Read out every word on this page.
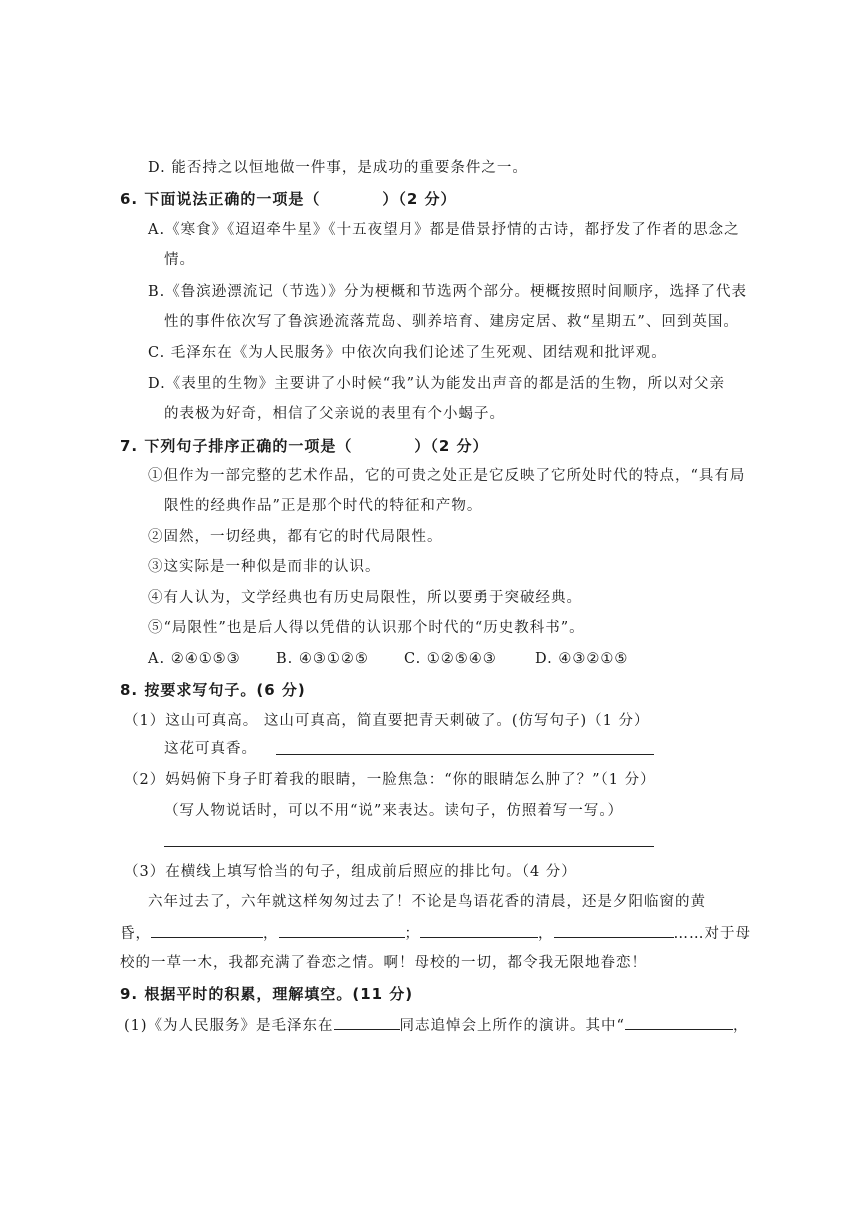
D. 能否持之以恒地做一件事，是成功的重要条件之一。
6. 下面说法正确的一项是（	）（2 分）
A.《寒食》《迢迢牵牛星》《十五夜望月》都是借景抒情的古诗，都抒发了作者的思念之
情。
B.《鲁滨逊漂流记（节选）》分为梗概和节选两个部分。梗概按照时间顺序，选择了代表
性的事件依次写了鲁滨逊流落荒岛、驯养培育、建房定居、救“星期五”、回到英国。
C. 毛泽东在《为人民服务》中依次向我们论述了生死观、团结观和批评观。
D.《表里的生物》主要讲了小时候“我”认为能发出声音的都是活的生物，所以对父亲
的表极为好奇，相信了父亲说的表里有个小蝎子。
7. 下列句子排序正确的一项是（	）（2 分）
①但作为一部完整的艺术作品，它的可贵之处正是它反映了它所处时代的特点，“具有局
限性的经典作品”正是那个时代的特征和产物。
②固然，一切经典，都有它的时代局限性。
③这实际是一种似是而非的认识。
④有人认为，文学经典也有历史局限性，所以要勇于突破经典。
⑤“局限性”也是后人得以凭借的认识那个时代的“历史教科书”。
A. ②④①⑤③ B. ④③①②⑤ C. ①②⑤④③	D. ④③②①⑤
8. 按要求写句子。(6 分)
（1）这山可真高。 这山可真高，简直要把青天刺破了。(仿写句子)（1 分）
这花可真香。
（2）妈妈俯下身子盯着我的眼睛，一脸焦急：“你的眼睛怎么肿了？”（1 分）
（写人物说话时，可以不用“说”来表达。读句子，仿照着写一写。）
（3）在横线上填写恰当的句子，组成前后照应的排比句。（4 分）
六年过去了，六年就这样匆匆过去了！不论是鸟语花香的清晨，还是夕阳临窗的黄
昏，	，	；	，	……对于母
校的一草一木，我都充满了眷恋之情。啊！母校的一切，都令我无限地眷恋！
9. 根据平时的积累，理解填空。(11 分)
(1)《为人民服务》是毛泽东在	同志追悼会上所作的演讲。其中“	，
